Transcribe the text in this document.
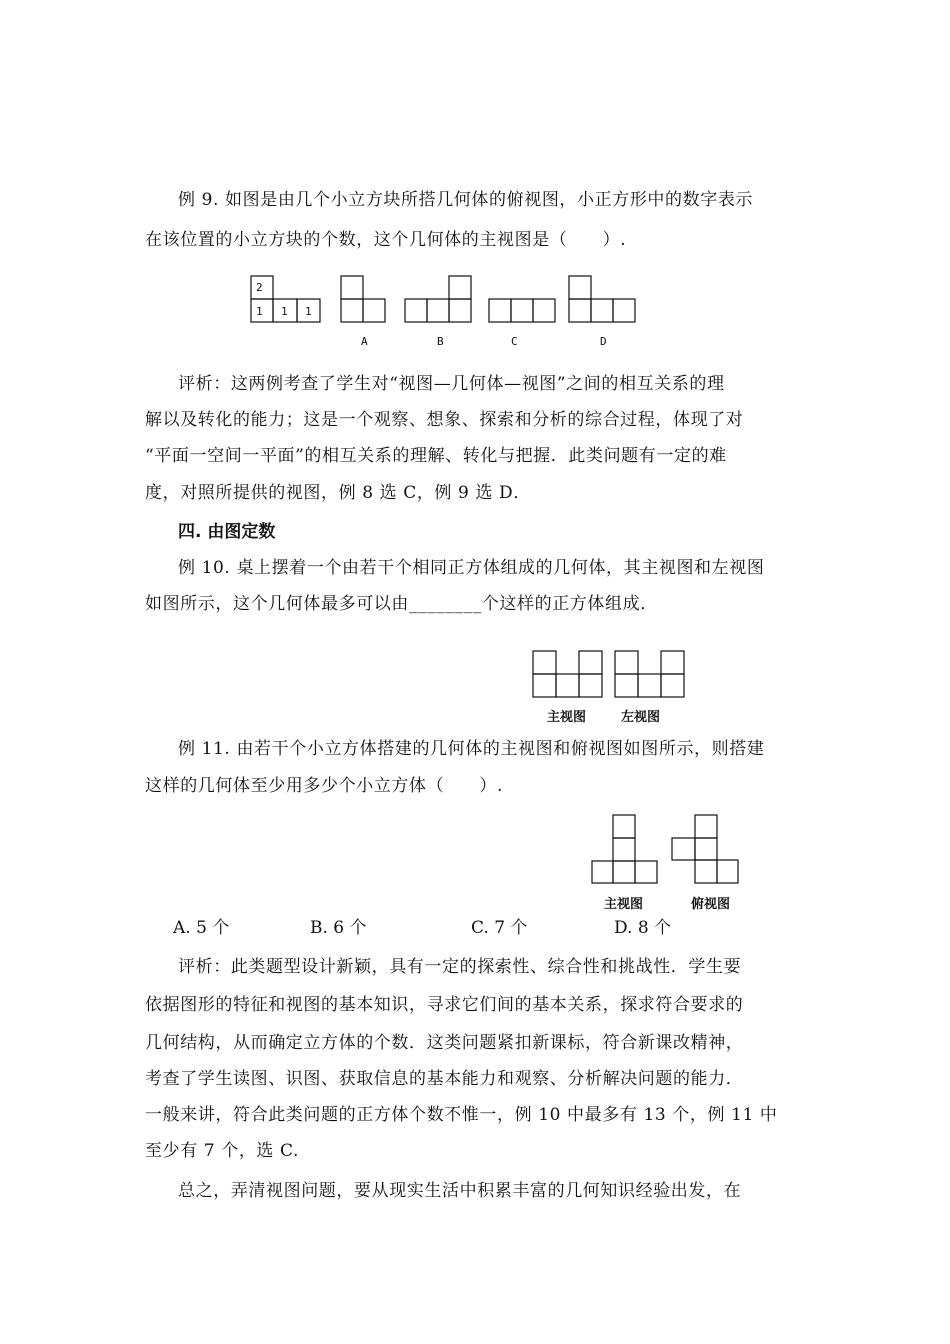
例 9. 如图是由几个小立方块所搭几何体的俯视图，小正方形中的数字表示
在该位置的小立方块的个数，这个几何体的主视图是（　　）.
2
1 1 1
A	B	C	D
评析：这两例考查了学生对“视图—几何体—视图”之间的相互关系的理
解以及转化的能力；这是一个观察、想象、探索和分析的综合过程，体现了对
“平面一空间一平面”的相互关系的理解、转化与把握．此类问题有一定的难
度，对照所提供的视图，例 8 选 C，例 9 选 D．
四. 由图定数
例 10. 桌上摆着一个由若干个相同正方体组成的几何体，其主视图和左视图
如图所示，这个几何体最多可以由________个这样的正方体组成．
主视图	左视图
例 11. 由若干个小立方体搭建的几何体的主视图和俯视图如图所示，则搭建
这样的几何体至少用多少个小立方体（　　）.
主视图	俯视图
A. 5 个	B. 6 个	C. 7 个	D. 8 个
评析：此类题型设计新颖，具有一定的探索性、综合性和挑战性．学生要
依据图形的特征和视图的基本知识，寻求它们间的基本关系，探求符合要求的
几何结构，从而确定立方体的个数．这类问题紧扣新课标，符合新课改精神，
考查了学生读图、识图、获取信息的基本能力和观察、分析解决问题的能力．
一般来讲，符合此类问题的正方体个数不惟一，例 10 中最多有 13 个，例 11 中
至少有 7 个，选 C.
总之，弄清视图问题，要从现实生活中积累丰富的几何知识经验出发，在
